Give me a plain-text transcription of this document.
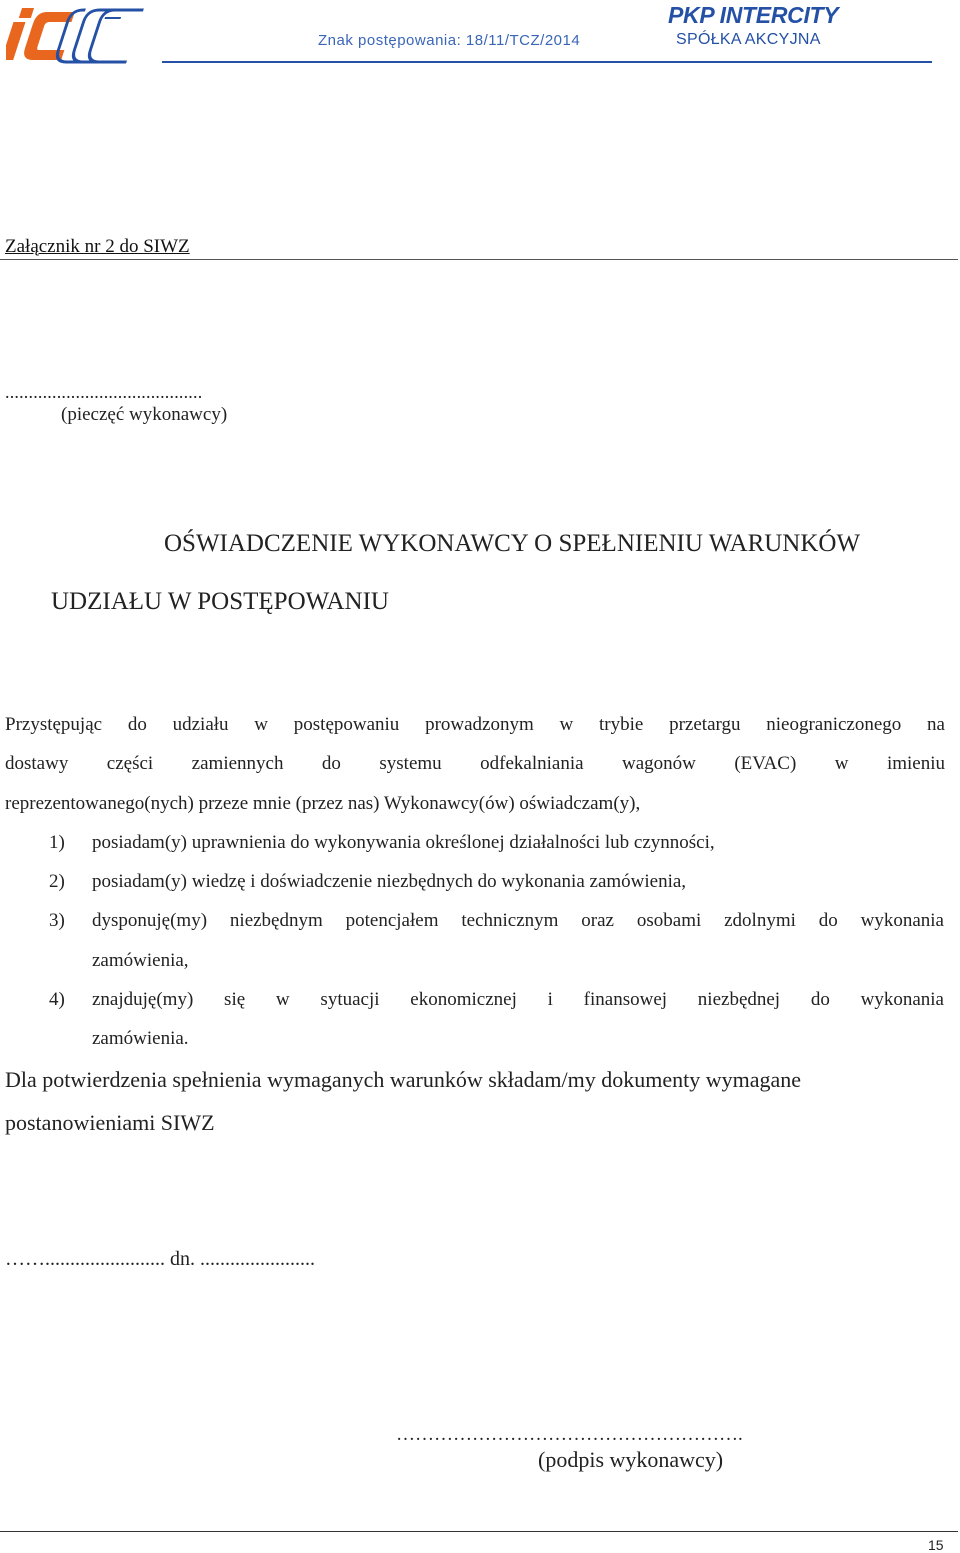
Znak postępowania: 18/11/TCZ/2014
PKP INTERCITY
SPÓŁKA AKCYJNA
Załącznik nr 2 do SIWZ
..........................................
(pieczęć wykonawcy)
OŚWIADCZENIE WYKONAWCY O SPEŁNIENIU WARUNKÓW
UDZIAŁU W POSTĘPOWANIU
Przystępując do udziału w postępowaniu prowadzonym w trybie przetargu nieograniczonego na
dostawy części zamiennych do systemu odfekalniania wagonów (EVAC) w imieniu
reprezentowanego(nych) przeze mnie (przez nas) Wykonawcy(ów) oświadczam(y),
1) posiadam(y) uprawnienia do wykonywania określonej działalności lub czynności,
2) posiadam(y) wiedzę i doświadczenie niezbędnych do wykonania zamówienia,
3) dysponuję(my) niezbędnym potencjałem technicznym oraz osobami zdolnymi do wykonania
zamówienia,
4) znajduję(my) się w sytuacji ekonomicznej i finansowej niezbędnej do wykonania
zamówienia.
Dla potwierdzenia spełnienia wymaganych warunków składam/my dokumenty wymagane
postanowieniami SIWZ
……........................ dn. .......................
……………………………………………….
(podpis wykonawcy)
15
